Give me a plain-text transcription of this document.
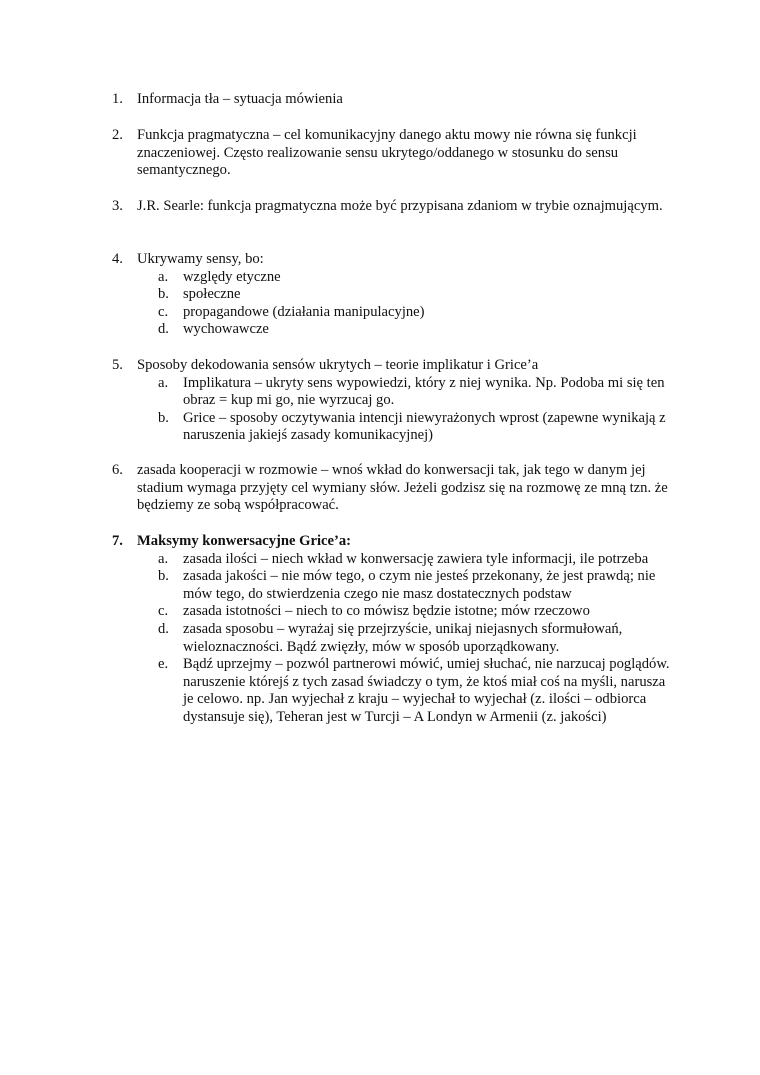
1. Informacja tła – sytuacja mówienia
2. Funkcja pragmatyczna – cel komunikacyjny danego aktu mowy nie równa się funkcji znaczeniowej. Często realizowanie sensu ukrytego/oddanego w stosunku do sensu semantycznego.
3. J.R. Searle: funkcja pragmatyczna może być przypisana zdaniom w trybie oznajmującym.
4. Ukrywamy sensy, bo:
a.	względy etyczne
b. społeczne
c.	propagandowe (działania manipulacyjne)
d. wychowawcze
5. Sposoby dekodowania sensów ukrytych – teorie implikatur i Grice’a
a.	Implikatura – ukryty sens wypowiedzi, który z niej wynika. Np. Podoba mi się ten obraz = kup mi go, nie wyrzucaj go.
b. Grice – sposoby oczytywania intencji niewyrażonych wprost (zapewne wynikają z naruszenia jakiejś zasady komunikacyjnej)
6. zasada kooperacji w rozmowie – wnoś wkład do konwersacji tak, jak tego w danym jej stadium wymaga przyjęty cel wymiany słów. Jeżeli godzisz się na rozmowę ze mną tzn. że będziemy ze sobą współpracować.
7. Maksymy konwersacyjne Grice’a:
a.	zasada ilości – niech wkład w konwersację zawiera tyle informacji, ile potrzeba
b. zasada jakości – nie mów tego, o czym nie jesteś przekonany, że jest prawdą; nie mów tego, do stwierdzenia czego nie masz dostatecznych podstaw
c.	zasada istotności – niech to co mówisz będzie istotne; mów rzeczowo
d. zasada sposobu – wyrażaj się przejrzyście, unikaj niejasnych sformułowań, wieloznaczności. Bądź zwięzły, mów w sposób uporządkowany.
e.	Bądź uprzejmy – pozwól partnerowi mówić, umiej słuchać, nie narzucaj poglądów.
naruszenie którejś z tych zasad świadczy o tym, że ktoś miał coś na myśli, narusza je celowo. np. Jan wyjechał z kraju – wyjechał to wyjechał (z. ilości – odbiorca dystansuje się), Teheran jest w Turcji – A Londyn w Armenii (z. jakości)
